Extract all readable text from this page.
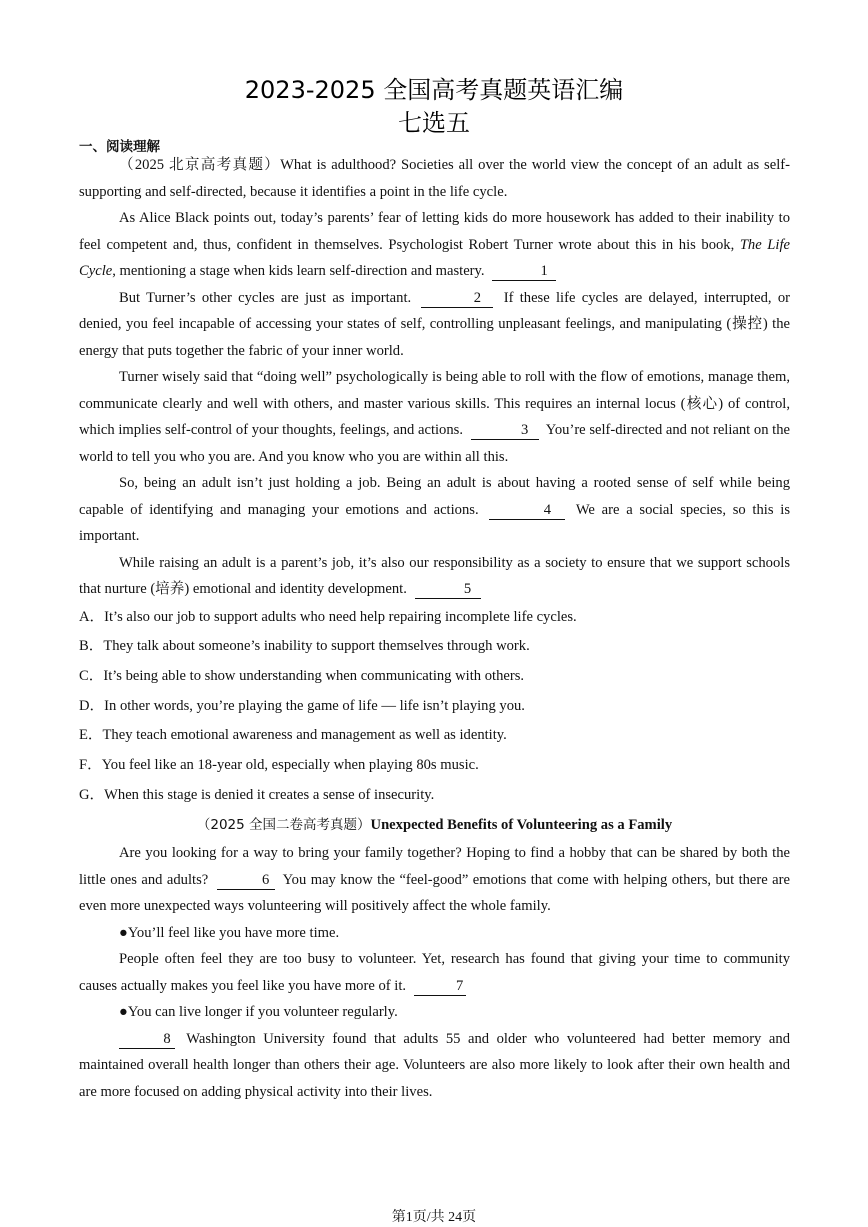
2023-2025 全国高考真题英语汇编
七选五
一、阅读理解

（2025 北京高考真题）What is adulthood? Societies all over the world view the concept of an adult as self-supporting and self-directed, because it identifies a point in the life cycle.

As Alice Black points out, today’s parents’ fear of letting kids do more housework has added to their inability to feel competent and, thus, confident in themselves. Psychologist Robert Turner wrote about this in his book, The Life Cycle, mentioning a stage when kids learn self-direction and mastery.	1

But Turner’s other cycles are just as important.	2 If these life cycles are delayed, interrupted, or denied, you feel incapable of accessing your states of self, controlling unpleasant feelings, and manipulating (操控) the energy that puts together the fabric of your inner world.

Turner wisely said that “doing well” psychologically is being able to roll with the flow of emotions, manage them, communicate clearly and well with others, and master various skills. This requires an internal locus (核心) of control, which implies self-control of your thoughts, feelings, and actions.	3 You’re self-directed and not reliant on the world to tell you who you are. And you know who you are within all this.

So, being an adult isn’t just holding a job. Being an adult is about having a rooted sense of self while being capable of identifying and managing your emotions and actions.	4 We are a social species, so this is important.

While raising an adult is a parent’s job, it’s also our responsibility as a society to ensure that we support schools that nurture (培养) emotional and identity development.	5

A．It’s also our job to support adults who need help repairing incomplete life cycles.

B．They talk about someone’s inability to support themselves through work.

C．It’s being able to show understanding when communicating with others.

D．In other words, you’re playing the game of life — life isn’t playing you.

E．They teach emotional awareness and management as well as identity.

F．You feel like an 18-year old, especially when playing 80s music.

G．When this stage is denied it creates a sense of insecurity.

（2025 全国二卷高考真题）Unexpected Benefits of Volunteering as a Family

Are you looking for a way to bring your family together? Hoping to find a hobby that can be shared by both the little ones and adults?	6 You may know the “feel-good” emotions that come with helping others, but there are even more unexpected ways volunteering will positively affect the whole family.

●You’ll feel like you have more time.

People often feel they are too busy to volunteer. Yet, research has found that giving your time to community causes actually makes you feel like you have more of it.	7

●You can live longer if you volunteer regularly.

8 Washington University found that adults 55 and older who volunteered had better memory and maintained overall health longer than others their age. Volunteers are also more likely to look after their own health and are more focused on adding physical activity into their lives.

第1页/共 24页
